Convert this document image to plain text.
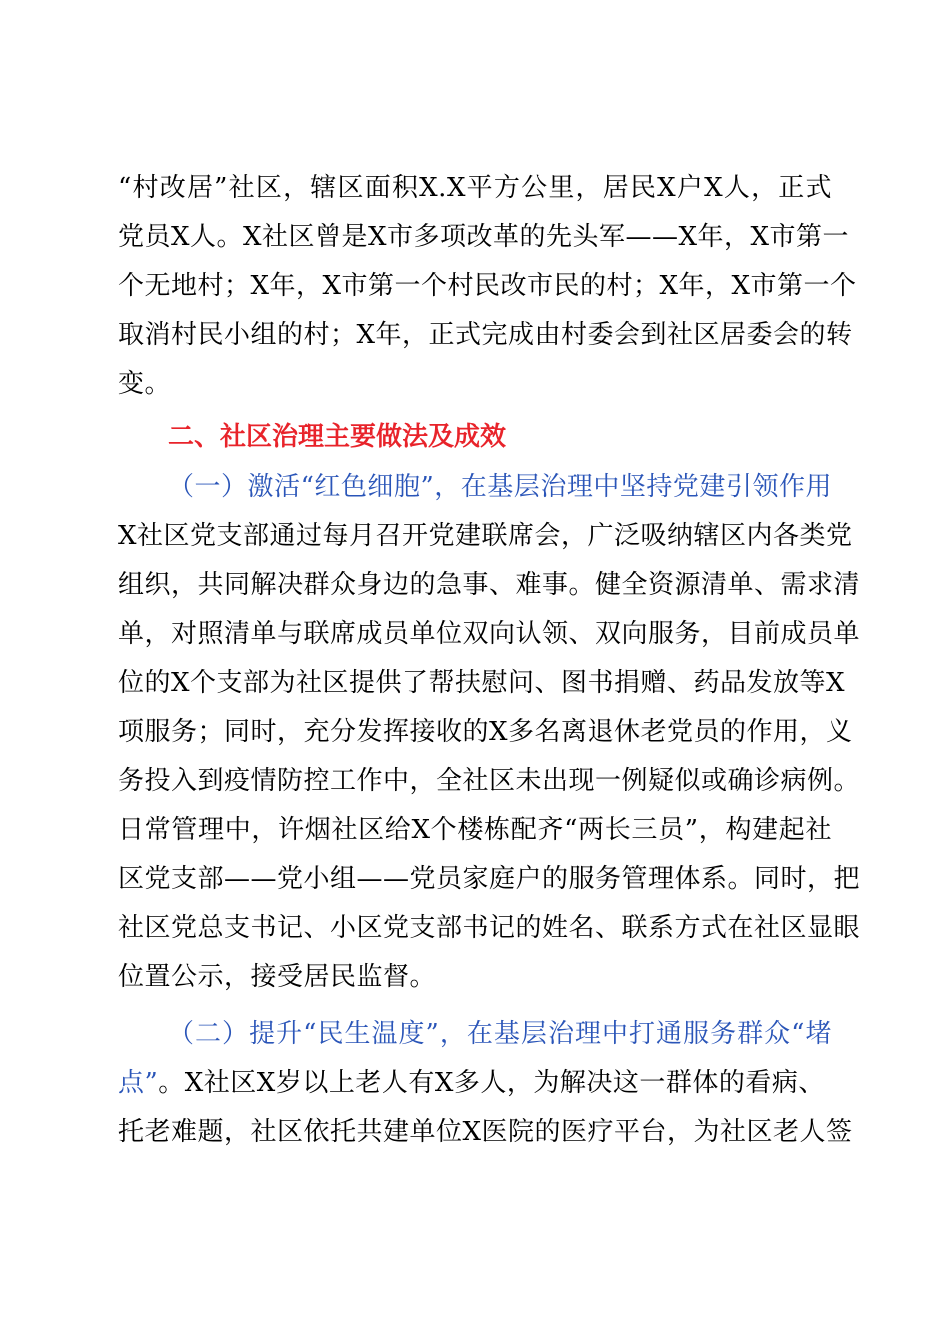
“村改居”社区，辖区面积X.X平方公里，居民X户X人，正式
党员X人。X社区曾是X市多项改革的先头军——X年，X市第一
个无地村；X年，X市第一个村民改市民的村；X年，X市第一个
取消村民小组的村；X年，正式完成由村委会到社区居委会的转
变。
二、社区治理主要做法及成效
（一）激活“红色细胞”，在基层治理中坚持党建引领作用
X社区党支部通过每月召开党建联席会，广泛吸纳辖区内各类党
组织，共同解决群众身边的急事、难事。健全资源清单、需求清
单，对照清单与联席成员单位双向认领、双向服务，目前成员单
位的X个支部为社区提供了帮扶慰问、图书捐赠、药品发放等X
项服务；同时，充分发挥接收的X多名离退休老党员的作用，义
务投入到疫情防控工作中，全社区未出现一例疑似或确诊病例。
日常管理中，许烟社区给X个楼栋配齐“两长三员”，构建起社
区党支部——党小组——党员家庭户的服务管理体系。同时，把
社区党总支书记、小区党支部书记的姓名、联系方式在社区显眼
位置公示，接受居民监督。
（二）提升“民生温度”，在基层治理中打通服务群众“堵
点”。X社区X岁以上老人有X多人，为解决这一群体的看病、
托老难题，社区依托共建单位X医院的医疗平台，为社区老人签
